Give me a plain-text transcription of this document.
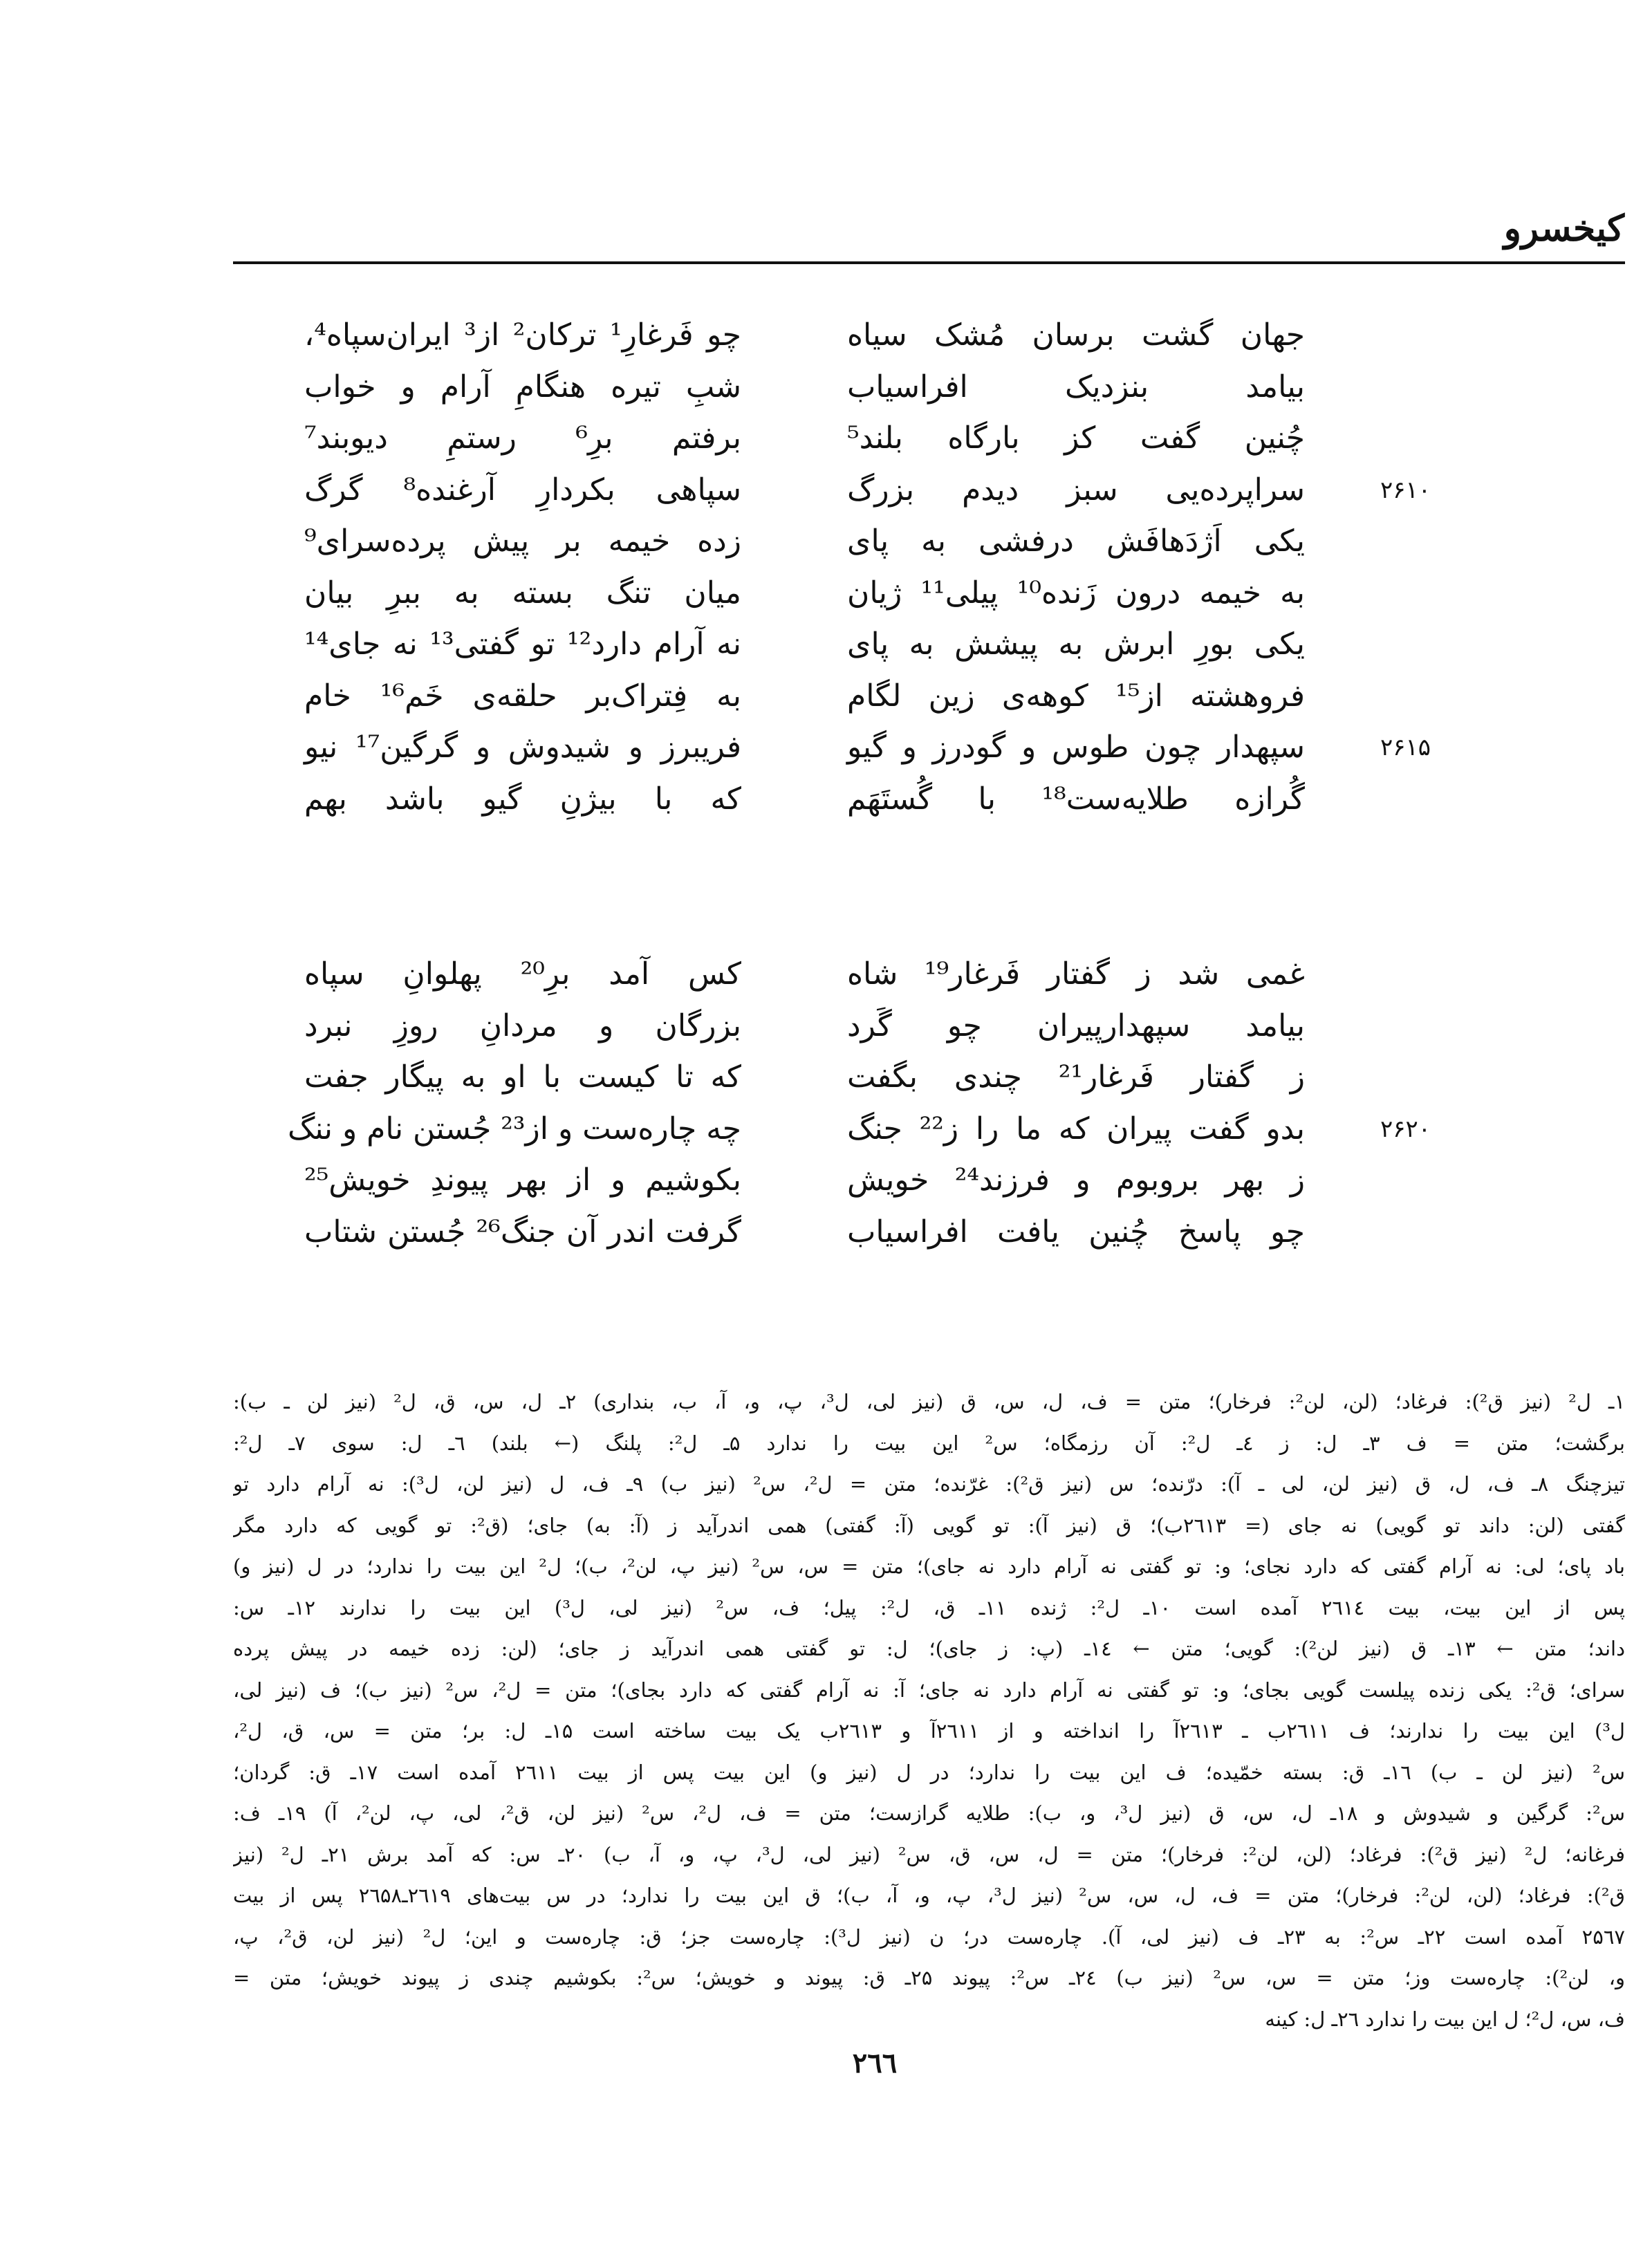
کیخسرو
جهان گشت برسان مُشک سیاه
چو فَرغارِ¹ ترکان² از³ ایران‌سپاه⁴،
بیامد بنزدیک افراسیاب
شبِ تیره هنگامِ آرام و خواب
چُنین گفت کز بارگاه بلند⁵
برفتم برِ⁶ رستمِ دیوبند⁷
۲۶۱۰
سراپرده‌یی سبز دیدم بزرگ
سپاهی بکردارِ آرغنده⁸ گرگ
یکی اَژدَهافَش درفشی به پای
زده خیمه بر پیش پرده‌سرای⁹
به خیمه درون زَنده¹⁰ پیلی¹¹ ژیان
میان تنگ بسته به ببرِ بیان
یکی بورِ ابرش به پیشش به پای
نه آرام دارد¹² تو گفتی¹³ نه جای¹⁴
فروهشته از¹⁵ کوهه‌ی زین لگام
به فِتراک‌بر حلقه‌ی خَم¹⁶ خام
۲۶۱۵
سپهدار چون طوس و گودرز و گیو
فریبرز و شیدوش و گرگین¹⁷ نیو
گُرازه طلایه‌ست¹⁸ با گُستَهَم
که با بیژنِ گیو باشد بهم
غمی شد ز گفتار فَرغار¹⁹ شاه
کس آمد برِ²⁰ پهلوانِ سپاه
بیامد سپهدارپیران چو گَرد
بزرگان و مردانِ روزِ نبرد
ز گفتار فَرغار²¹ چندی بگفت
که تا کیست با او به پیگار جفت
۲۶۲۰
بدو گفت پیران که ما را ز²² جنگ
چه چاره‌ست و از²³ جُستن نام و ننگ
ز بهر بروبوم و فرزند²⁴ خویش
بکوشیم و از بهر پیوندِ خویش²⁵
چو پاسخ چُنین یافت افراسیاب
گرفت اندر آن جنگ²⁶ جُستن شتاب
۱ـ ل² (نیز ق²): فرغاد؛ (لن، لن²: فرخار)؛ متن = ف، ل، س، ق (نیز لی، ل³، پ، و، آ، ب، بنداری) ۲ـ ل، س، ق، ل² (نیز لن ـ ب):
برگشت؛ متن = ف ۳ـ ل: ز ٤ـ ل²: آن رزمگاه؛ س² این بیت را ندارد ۵ـ ل²: پلنگ (← بلند) ٦ـ ل: سوی ۷ـ ل²:
تیزچنگ ۸ـ ف، ل، ق (نیز لن، لی ـ آ): درّنده؛ س (نیز ق²): غرّنده؛ متن = ل²، س² (نیز ب) ۹ـ ف، ل (نیز لن، ل³): نه آرام دارد تو
گفتی (لن: داند تو گویی) نه جای (= ۲٦۱۳ب)؛ ق (نیز آ): تو گویی (آ: گفتی) همی اندرآید ز (آ: به) جای؛ (ق²: تو گویی که دارد مگر
باد پای؛ لی: نه آرام گفتی که دارد نجای؛ و: تو گفتی نه آرام دارد نه جای)؛ متن = س، س² (نیز پ، لن²، ب)؛ ل² این بیت را ندارد؛ در ل (نیز و)
پس از این بیت، بیت ۲٦۱٤ آمده است ۱۰ـ ل²: ژنده ۱۱ـ ق، ل²: پیل؛ ف، س² (نیز لی، ل³) این بیت را ندارند ۱۲ـ س:
داند؛ متن ← ۱۳ـ ق (نیز لن²): گویی؛ متن ← ۱٤ـ (پ: ز جای)؛ ل: تو گفتی همی اندرآید ز جای؛ (لن: زده خیمه در پیش پرده
سرای؛ ق²: یکی زنده پیلست گویی بجای؛ و: تو گفتی نه آرام دارد نه جای؛ آ: نه آرام گفتی که دارد بجای)؛ متن = ل²، س² (نیز ب)؛ ف (نیز لی،
ل³) این بیت را ندارند؛ ف ۲٦۱۱ب ـ ۲٦۱۳آ را انداخته و از ۲٦۱۱آ و ۲٦۱۳ب یک بیت ساخته است ۱۵ـ ل: بر؛ متن = س، ق، ل²،
س² (نیز لن ـ ب) ۱٦ـ ق: بسته خمّیده؛ ف این بیت را ندارد؛ در ل (نیز و) این بیت پس از بیت ۲٦۱۱ آمده است ۱۷ـ ق: گردان؛
س²: گرگین و شیدوش و ۱۸ـ ل، س، ق (نیز ل³، و، ب): طلایه گرازست؛ متن = ف، ل²، س² (نیز لن، ق²، لی، پ، لن²، آ) ۱۹ـ ف:
فرغانه؛ ل² (نیز ق²): فرغاد؛ (لن، لن²: فرخار)؛ متن = ل، س، ق، س² (نیز لی، ل³، پ، و، آ، ب) ۲۰ـ س: که آمد برش ۲۱ـ ل² (نیز
ق²): فرغاد؛ (لن، لن²: فرخار)؛ متن = ف، ل، س، س² (نیز ل³، پ، و، آ، ب)؛ ق این بیت را ندارد؛ در س بیت‌های ۲٦۱۹ـ۲٦۵۸ پس از بیت
۲۵٦۷ آمده است ۲۲ـ س²: به ۲۳ـ ف (نیز لی، آ). چاره‌ست در؛ ن (نیز ل³): چاره‌ست جز؛ ق: چاره‌ست و این؛ ل² (نیز لن، ق²، پ،
و، لن²): چاره‌ست وز؛ متن = س، س² (نیز ب) ۲٤ـ س²: پیوند ۲۵ـ ق: پیوند و خویش؛ س²: بکوشیم چندی ز پیوند خویش؛ متن =
ف، س، ل²؛ ل این بیت را ندارد ۲٦ـ ل: کینه
۲٦٦
